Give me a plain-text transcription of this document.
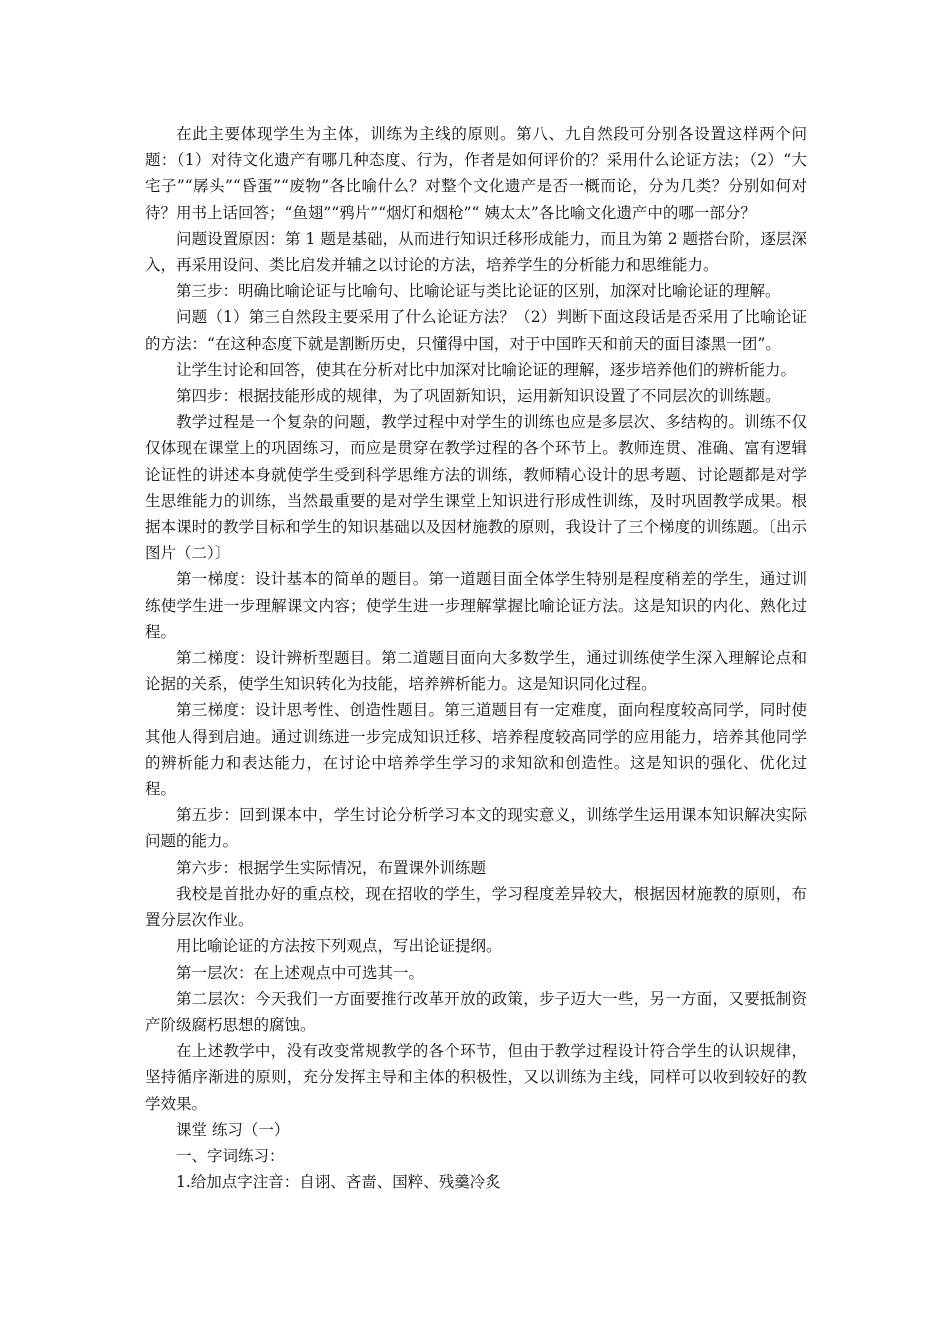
在此主要体现学生为主体，训练为主线的原则。第八、九自然段可分别各设置这样两个问题：（1）对待文化遗产有哪几种态度、行为，作者是如何评价的？采用什么论证方法；（2）“大宅子”“孱头”“昏蛋”“废物”各比喻什么？对整个文化遗产是否一概而论，分为几类？分别如何对待？用书上话回答；“鱼翅”“鸦片”“烟灯和烟枪”“ 姨太太”各比喻文化遗产中的哪一部分？

问题设置原因：第 1 题是基础，从而进行知识迁移形成能力，而且为第 2 题搭台阶，逐层深入，再采用设问、类比启发并辅之以讨论的方法，培养学生的分析能力和思维能力。

第三步：明确比喻论证与比喻句、比喻论证与类比论证的区别，加深对比喻论证的理解。

问题（1）第三自然段主要采用了什么论证方法？（2）判断下面这段话是否采用了比喻论证的方法：“在这种态度下就是割断历史，只懂得中国，对于中国昨天和前天的面目漆黑一团”。

让学生讨论和回答，使其在分析对比中加深对比喻论证的理解，逐步培养他们的辨析能力。

第四步：根据技能形成的规律，为了巩固新知识，运用新知识设置了不同层次的训练题。

教学过程是一个复杂的问题，教学过程中对学生的训练也应是多层次、多结构的。训练不仅仅体现在课堂上的巩固练习，而应是贯穿在教学过程的各个环节上。教师连贯、准确、富有逻辑论证性的讲述本身就使学生受到科学思维方法的训练，教师精心设计的思考题、讨论题都是对学生思维能力的训练，当然最重要的是对学生课堂上知识进行形成性训练，及时巩固教学成果。根据本课时的教学目标和学生的知识基础以及因材施教的原则，我设计了三个梯度的训练题。〔出示图片（二）〕

第一梯度：设计基本的简单的题目。第一道题目面全体学生特别是程度稍差的学生，通过训练使学生进一步理解课文内容；使学生进一步理解掌握比喻论证方法。这是知识的内化、熟化过程。

第二梯度：设计辨析型题目。第二道题目面向大多数学生，通过训练使学生深入理解论点和论据的关系，使学生知识转化为技能，培养辨析能力。这是知识同化过程。

第三梯度：设计思考性、创造性题目。第三道题目有一定难度，面向程度较高同学，同时使其他人得到启迪。通过训练进一步完成知识迁移、培养程度较高同学的应用能力，培养其他同学的辨析能力和表达能力，在讨论中培养学生学习的求知欲和创造性。这是知识的强化、优化过程。

第五步：回到课本中，学生讨论分析学习本文的现实意义，训练学生运用课本知识解决实际问题的能力。

第六步：根据学生实际情况，布置课外训练题

我校是首批办好的重点校，现在招收的学生，学习程度差异较大，根据因材施教的原则，布置分层次作业。

用比喻论证的方法按下列观点，写出论证提纲。

第一层次：在上述观点中可选其一。

第二层次：今天我们一方面要推行改革开放的政策，步子迈大一些，另一方面，又要抵制资产阶级腐朽思想的腐蚀。

在上述教学中，没有改变常规教学的各个环节，但由于教学过程设计符合学生的认识规律，坚持循序渐进的原则，充分发挥主导和主体的积极性，又以训练为主线，同样可以收到较好的教学效果。

课堂 练习（一）

一、字词练习：

1.给加点字注音：自诩、吝啬、国粹、残羹冷炙
